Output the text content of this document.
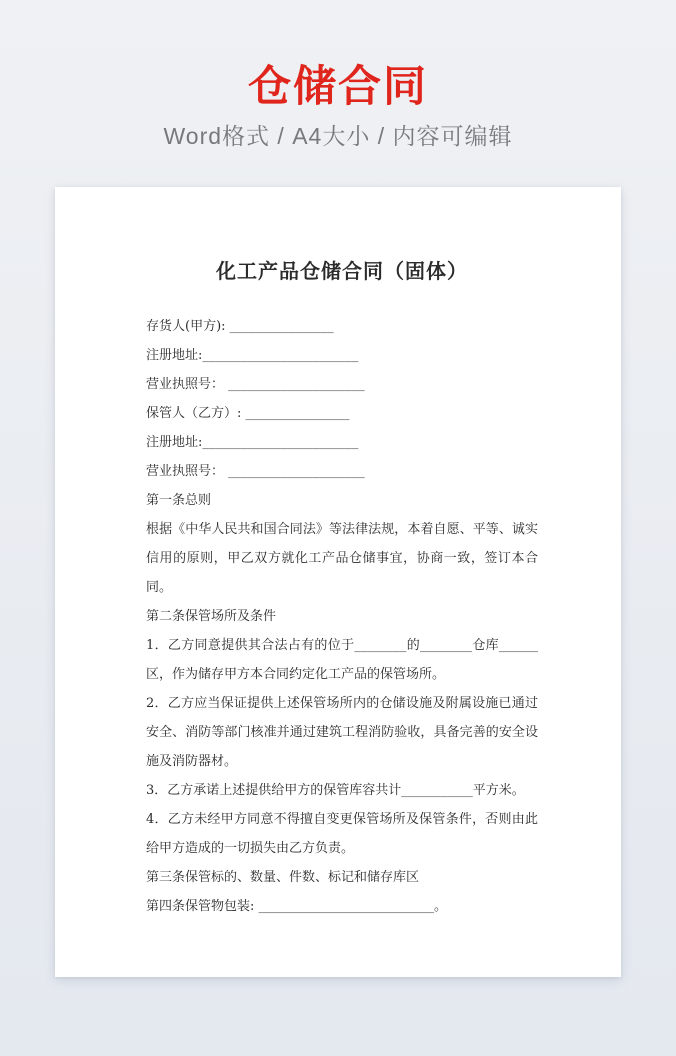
仓储合同

Word格式 / A4大小 / 内容可编辑

化工产品仓储合同（固体）

存货人(甲方): ________________

注册地址:________________________

营业执照号： _____________________

保管人（乙方）: ________________

注册地址:________________________

营业执照号： _____________________

第一条总则

根据《中华人民共和国合同法》等法律法规，本着自愿、平等、诚实信用的原则，甲乙双方就化工产品仓储事宜，协商一致，签订本合同。

第二条保管场所及条件

1．乙方同意提供其合法占有的位于________的________仓库______区，作为储存甲方本合同约定化工产品的保管场所。

2．乙方应当保证提供上述保管场所内的仓储设施及附属设施已通过安全、消防等部门核准并通过建筑工程消防验收，具备完善的安全设施及消防器材。

3．乙方承诺上述提供给甲方的保管库容共计___________平方米。

4．乙方未经甲方同意不得擅自变更保管场所及保管条件，否则由此给甲方造成的一切损失由乙方负责。

第三条保管标的、数量、件数、标记和储存库区

第四条保管物包装: ___________________________。
